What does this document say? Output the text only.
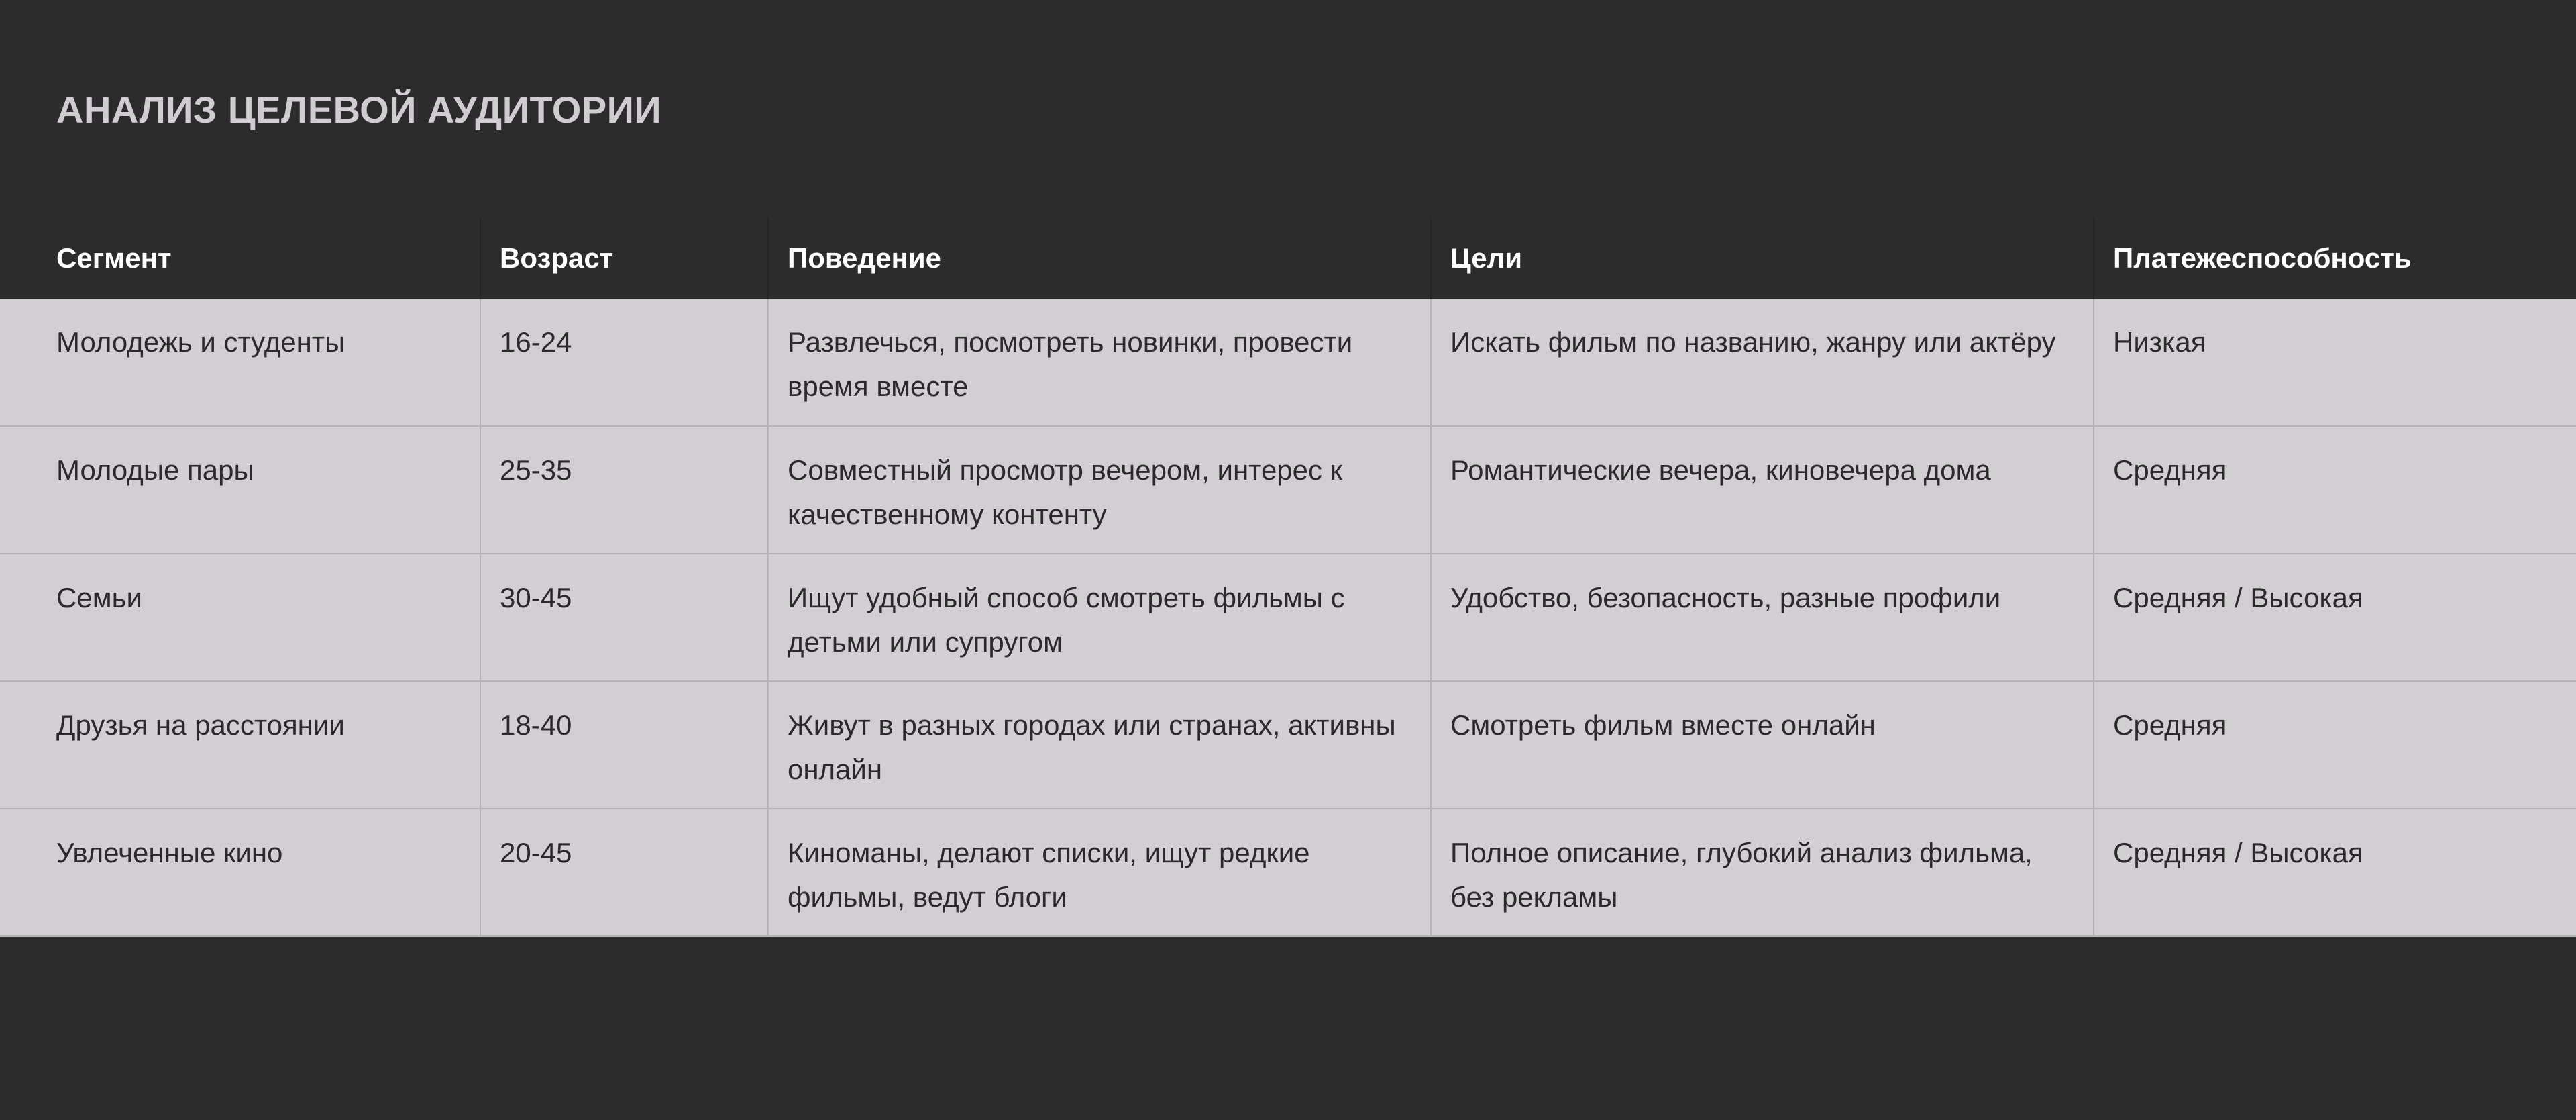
АНАЛИЗ ЦЕЛЕВОЙ АУДИТОРИИ
Сегмент	Возраст	Поведение	Цели	Платежеспособность
Молодежь и студенты	16-24	Развлечься, посмотреть новинки, провести время вместе	Искать фильм по названию, жанру или актёру	Низкая
Молодые пары	25-35	Совместный просмотр вечером, интерес к качественному контенту	Романтические вечера, киновечера дома	Средняя
Семьи	30-45	Ищут удобный способ смотреть фильмы с детьми или супругом	Удобство, безопасность, разные профили	Средняя / Высокая
Друзья на расстоянии	18-40	Живут в разных городах или странах, активны онлайн	Смотреть фильм вместе онлайн	Средняя
Увлеченные кино	20-45	Киноманы, делают списки, ищут редкие фильмы, ведут блоги	Полное описание, глубокий анализ фильма, без рекламы	Средняя / Высокая
